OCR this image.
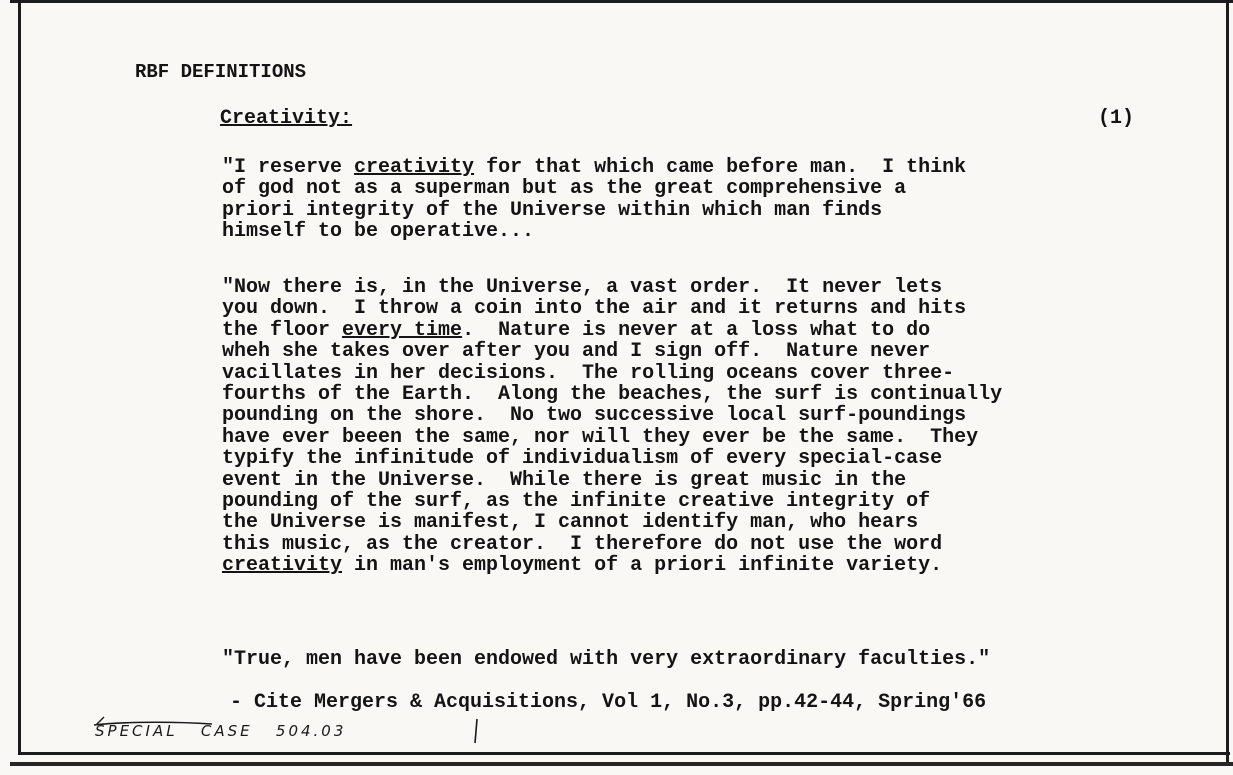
RBF DEFINITIONS
Creativity:	(1)
"I reserve creativity for that which came before man.  I think
of god not as a superman but as the great comprehensive a
priori integrity of the Universe within which man finds
himself to be operative...
"Now there is, in the Universe, a vast order.  It never lets
you down.  I throw a coin into the air and it returns and hits
the floor every time.  Nature is never at a loss what to do
wheh she takes over after you and I sign off.  Nature never
vacillates in her decisions.  The rolling oceans cover three-
fourths of the Earth.  Along the beaches, the surf is continually
pounding on the shore.  No two successive local surf-poundings
have ever beeen the same, nor will they ever be the same.  They
typify the infinitude of individualism of every special-case
event in the Universe.  While there is great music in the
pounding of the surf, as the infinite creative integrity of
the Universe is manifest, I cannot identify man, who hears
this music, as the creator.  I therefore do not use the word
creativity in man's employment of a priori infinite variety.
"True, men have been endowed with very extraordinary faculties."
- Cite Mergers & Acquisitions, Vol 1, No.3, pp.42-44, Spring'66
SPECIAL   CASE   504.03
